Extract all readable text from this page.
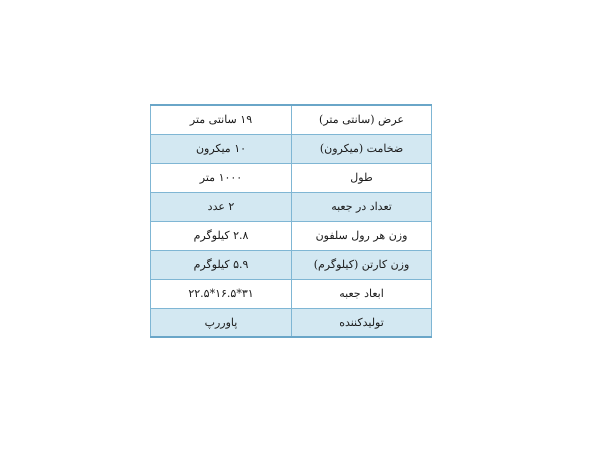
عرض (سانتی متر)	۱۹ سانتی متر
ضخامت (میکرون)	۱۰ میکرون
طول	۱۰۰۰ متر
تعداد در جعبه	۲ عدد
وزن هر رول سلفون	۲.۸ کیلوگرم
وزن کارتن (کیلوگرم)	۵.۹ کیلوگرم
ابعاد جعبه	۳۱*۱۶.۵*۲۲.۵
تولیدکننده	پاوررپ
